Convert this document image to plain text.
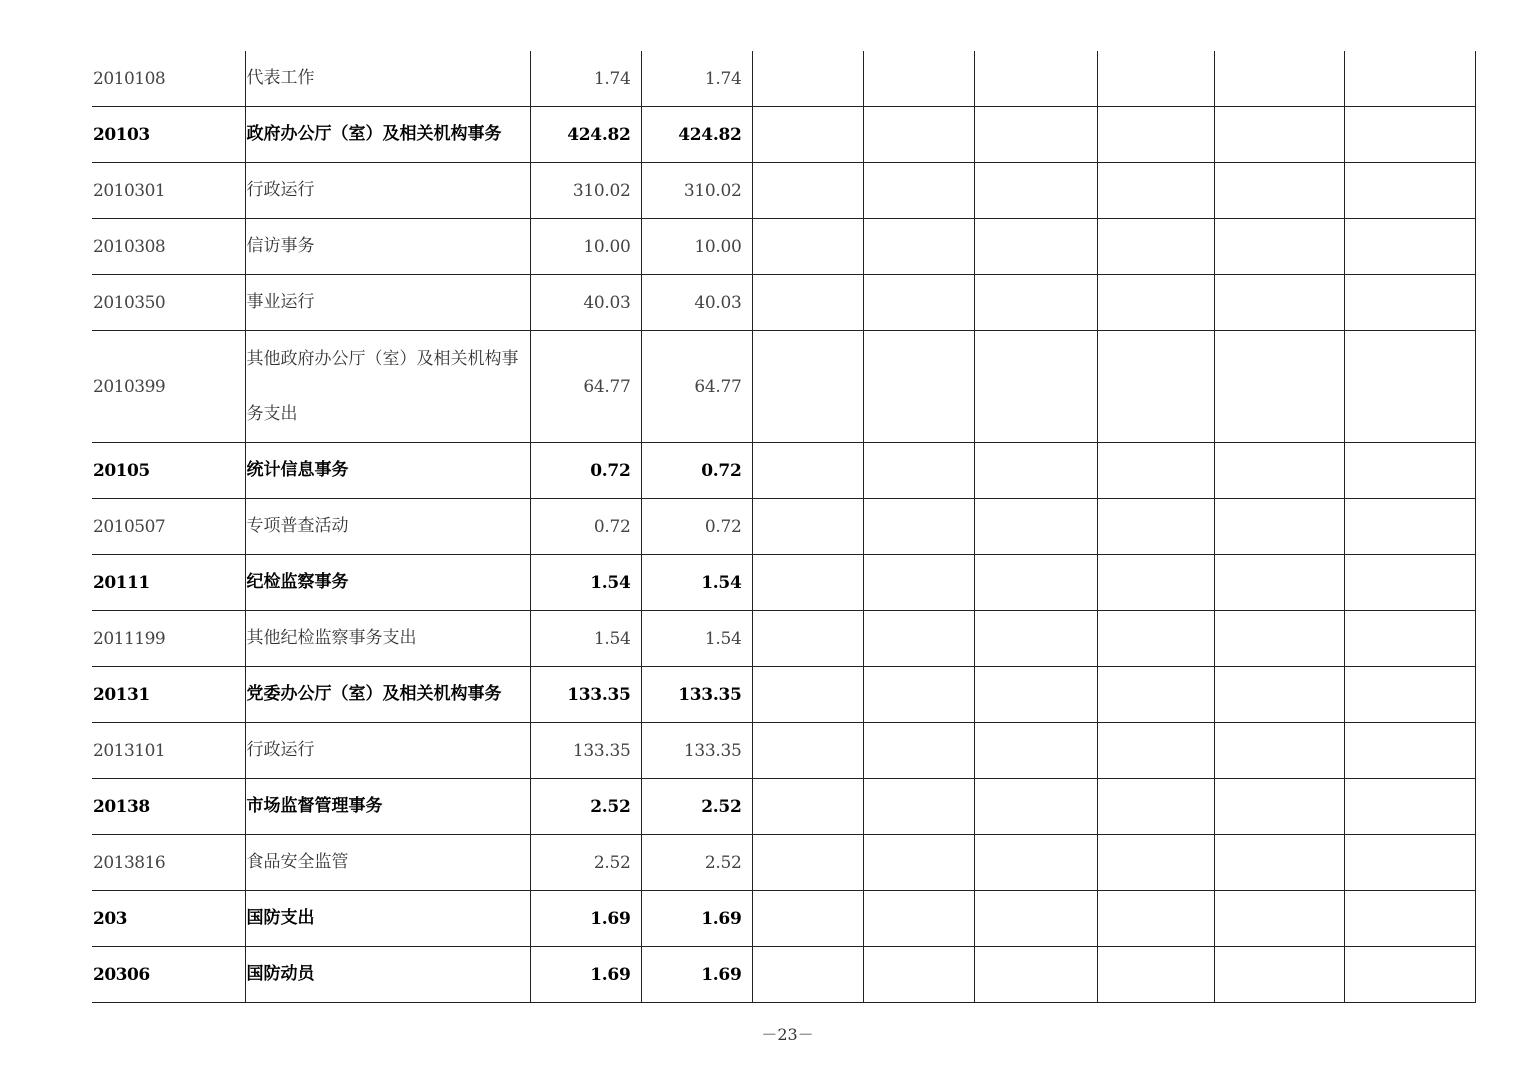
2010108	代表工作	1.74	1.74						
20103	政府办公厅（室）及相关机构事务	424.82	424.82						
2010301	行政运行	310.02	310.02						
2010308	信访事务	10.00	10.00						
2010350	事业运行	40.03	40.03						
2010399	其他政府办公厅（室）及相关机构事务支出	64.77	64.77						
20105	统计信息事务	0.72	0.72						
2010507	专项普查活动	0.72	0.72						
20111	纪检监察事务	1.54	1.54						
2011199	其他纪检监察事务支出	1.54	1.54						
20131	党委办公厅（室）及相关机构事务	133.35	133.35						
2013101	行政运行	133.35	133.35						
20138	市场监督管理事务	2.52	2.52						
2013816	食品安全监管	2.52	2.52						
203	国防支出	1.69	1.69						
20306	国防动员	1.69	1.69						
－23－
